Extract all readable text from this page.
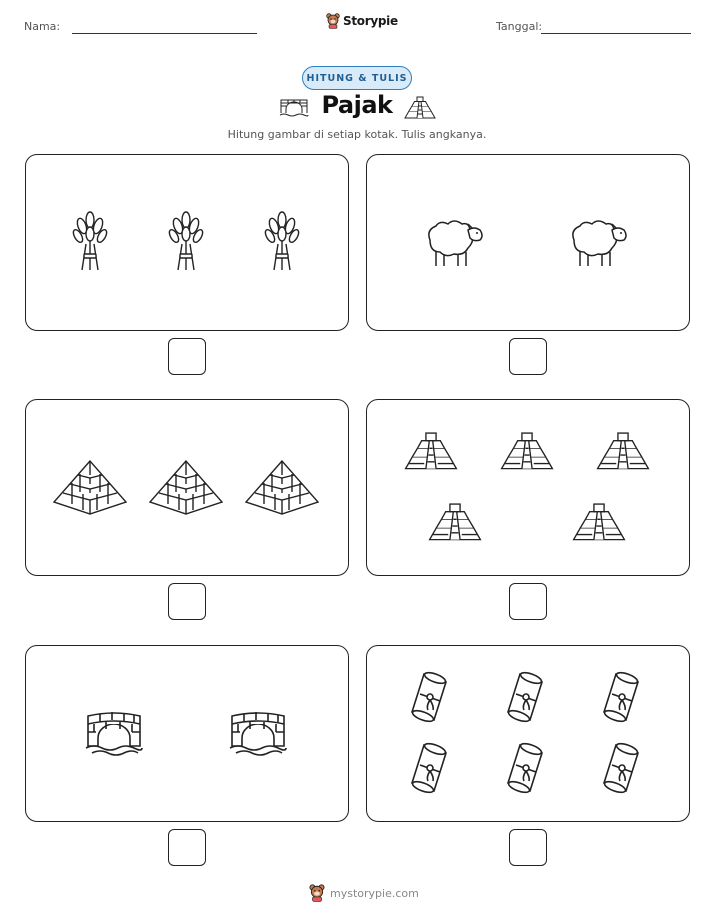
Nama:	Storypie	Tanggal:
HITUNG & TULIS
Pajak
Hitung gambar di setiap kotak. Tulis angkanya.
mystorypie.com
